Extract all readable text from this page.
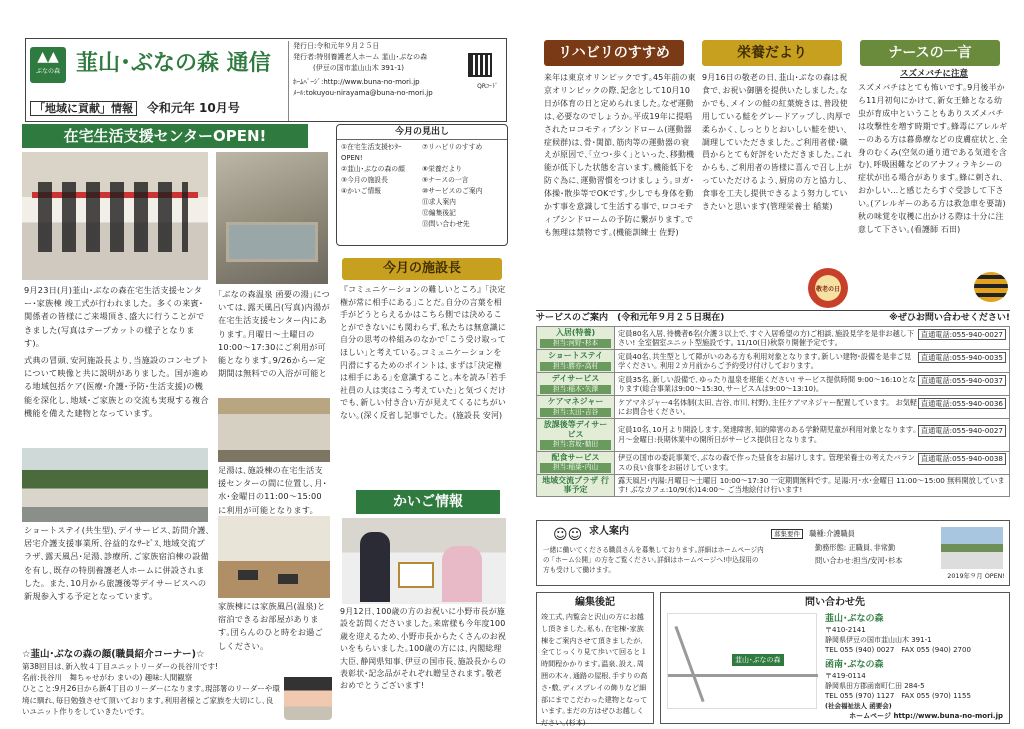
▲▲
ぶなの森 韮山･ぶなの森 通信
「地域に貢献」情報 令和元年 10月号
発行日:令和元年９月２５日
発行者:特別養護老人ホーム 韮山･ぶなの森
(伊豆の国市韮山山木 391-1)
ﾎｰﾑﾍﾟｰｼﾞ:http://www.buna-no-mori.jp
ﾒｰﾙ:tokuyou-nirayama@buna-no-mori.jp
QRｺｰﾄﾞ
在宅生活支援センターOPEN!	今月の見出し
①在宅生活支援ｾﾝﾀｰOPEN!
⑦リハビリのすすめ
②韮山･ぶなの森の顔	⑧栄養だより
③今月の施設長	⑨ナースの一言
④かいご情報	⑩サービスのご案内
⑪求人案内
⑫編集後記
⑬問い合わせ先
9月23日(月)韮山･ぶなの森在宅生活支援センター･家族棟 竣工式が行われました。多くの来賓･関係者の皆様にご来場頂き､盛大に行うことができました(写真はテープカットの様子となります)。
式典の冒頭､安河施設長より､当施設のコンセプトについて映像と共に説明がありました。国が進める地域包括ケア(医療･介護･予防･生活支援)の機能を深化し､地域･ご家族との交流も実現する複合機能を備えた建物となっています。
ショートステイ(共生型)､デイサービス､訪問介護､居宅介護支援事業所､谷益的なｻｰﾋﾞｽ､地域交流プラザ､露天風呂･足湯､診療所､ご家族宿泊棟の設備を有し､既存の特別養護老人ホームに併設されました。また､10月から旅護後等デイサービスへの新規参入する予定となっています。
｢ぶなの森温泉 函要の湯｣については､露天風呂(写真)内湯が在宅生活支援センター内にあります｡月曜日～土曜日の10:00～17:30にご利用が可能となります｡9/26からー定期間は無料での入浴が可能と
足湯は､施設棟の在宅生活支援センターの間に位置し､月･水･金曜日の11:00～15:00に利用が可能となります。
家族棟には家族風呂(温泉)と宿泊できるお部屋があります｡団らんのひと時をお過ごしください。
今月の施設長
『コミュニケーションの難しいところ』｢決定権が常に相手にある｣ことだ｡自分の言葉を相手がどうとらえるかはこちら側では決めることができないにも関わらず､私たちは無意識に自分の思考の枠組みのなかで｢こう受け取ってほしい｣と考えている｡コミュニケーションを円滑にするためのポイントは､まずは｢決定権は相手にある｣を意識すること｡本を読み｢若手社員の人は実はこう考えていた｣と気づくだけでも､新しい付き合い方が見えてくるにちがいない｡(深く反省し記事でした。(施設長 安河)
かいご情報
9月12日､100歳の方のお祝いに小野市長が施設を訪問くださいました｡来席様も今年度100歳を迎えるため､小野市長からたくさんのお祝いをもらいました｡100歳の方には､内閣総理大臣､静岡県知事､伊豆の国市長､施設長からの表彰状･記念品がそれぞれ贈呈されます｡敬老おめでとうございます!
☆韮山･ぶなの森の顔(職員紹介コーナー)☆
第38回目は､新入牧４丁目ユニットリーダーの長谷川です!
名前:長谷川　舞ちゃせがわ まいの) 趣味:人間観察
ひとこと:9月26日から新4丁目のリーダーになります｡現部署のリーダーや環境に馴れ､毎日勉強させて頂いております｡利用者様とご家族を大切にし､良いユニット作りをしていきたいです。
リハビリのすすめ
来年は東京オリンピックです｡45年前の東京オリンピックの際､記念として10月10日が体育の日と定められました｡なぜ運動は､必要なのでしょうか｡平成19年に提唱されたロコモティブシンドローム(運動器症候群)は､骨･関節､筋肉等の運動器の衰えが原因で､｢立つ･歩く｣といった､移動機能が低下した状態を言います｡機能低下を防ぐ為に､運動習慣をつけましょう｡ヨガ･体操･散歩等でOKです｡少しでも身体を動かす事を意識して生活する事で､ロコモティブシンドロームの予防に繋がります｡でも無理は禁物です｡(機能訓練士 佐野)
栄養だより
9月16日の敬老の日､韮山･ぶなの森は祝食で､お祝い御膳を提供いたしました｡なかでも､メインの鮭の紅葉焼きは､普段使用している鮭をグレードアップし､肉厚で柔らかく､しっとりとおいしい鮭を使い､調理していただきました｡ご利用者様･職員からとても好評をいただきました｡これからも､ご利用者の皆様に喜んで召し上がっていただけるよう､厨房の方と協力し､食事を工夫し提供できるよう努力していきたいと思います(管理栄養士 稲葉)
敬老の日
ナースの一言
スズメバチに注意
スズメバチはとても怖いです｡9月後半から11月初旬にかけて､新女王蜂となる幼虫が育成中ということもありスズメバチは攻撃性を増す時期です｡蜂毒にアレルギーのある方は暮鼻療などの皮膚症状と､全身のむくみ(空気の通り道である気道を含む)､呼吸困難などのアナフィラキシーの症状が出る場合があります｡蜂に刺され､おかしい…と感じたらすぐ受診して下さい｡(アレルギーのある方は救急車を要請)秋の味覚を収穫に出かける際は十分に注意して下さい｡(看護師 石田)
サービスのご案内 (令和元年９月２５日現在)	※ぜひお問い合わせください!
入居(特養)
担当:河野･杉本	直通電話:055-940-0027
定員80名入居､待機者6名(介護３以上で､すぐ入居希望の方)ご相談､施設見学を是非お越し下さい! 全室個室ユニット型施設です｡ 11/10(日)秋祭り開催予定です｡

ショートステイ
担当:勝亦･高村	直通電話:055-940-0035
定員40名､共生型として障がいのある方も利用対象となります｡新しい建物･設備を是非ご見学ください｡ 利用２カ月前からご予約受け付けしております｡

デイサービス
担当:稲木･矢澤	直通電話:055-940-0037
定員35名､新しい設備で､ゆったり温泉を堪能ください! サービス提供時間 9:00～16:10となります(総合事業は9:00～15:30､サービスＡは9:00～13:10)｡

ケアマネジャー
担当:太田･吉谷	直通電話:055-940-0036
ケアマネジャー4名体制(太田､吉谷､市川､村野)､主任ケアマネジャー配置しています。 お気軽にお問合せください。

放課後等デイサービス
担当:宮坂･勧田	直通電話:055-940-0027
定員10名､10月より開設します｡発達障害､知的障害のある学齢期児童が利用対象となります｡月～金曜日:長期休業中の開所日がサービス提供日となります。

配食サービス
担当:稲葉･内山	直通電話:055-940-0038
伊豆の国市の委託事業で､ぶなの森で作った昼食をお届けします｡ 管理栄養士の考えたバランスの良い食事をお届けしています。

地域交流プラザ 行事予定	露天風呂･内湯:月曜日～土曜日 10:00～17:30 一定期間無料です｡ 足湯:月･水･金曜日 11:00～15:00 無料開放しています! ぶなカフェ:10/9(水)14:00～ ご当地絵付け行います!
求人案内
☺☺
一緒に働いてくださる職員さんを募集しております｡詳細はホームページ内の ｢ホーム公開」の方をご覧ください｡詳細はホームページへ!申込採用の方も受けして働けます。
募集要件 職種:介護職員
勤務形態: 正職員､非常勤
問い合わせ:担当/安河･杉本
2019年９月 OPEN!
編集後記
竣工式､内覧会と沢山の方にお越し頂きました｡私も､在宅棟･家族棟をご案内させて頂きましたが､全てじっくり見て歩いて回ると１時間程かかります｡温泉､設え､周囲の木々､通路の屋根､手すりの高さ･敷､ディスプレイの飾りなど細部にまでこだわった建物となっています｡まだの方はぜひお越しください｡(杉本)
問い合わせ先
韮山･ぶなの森
韮山･ぶなの森
〒410-2141
静岡県伊豆の国市韮山山木 391-1
TEL 055 (940) 0027　FAX 055 (940) 2700
函南･ぶなの森
〒419-0114
静岡県田方郡函南町仁田 284-5
TEL 055 (970) 1127　FAX 055 (970) 1155
(社会福祉法人 函要会)
ホームページ http://www.buna-no-mori.jp
